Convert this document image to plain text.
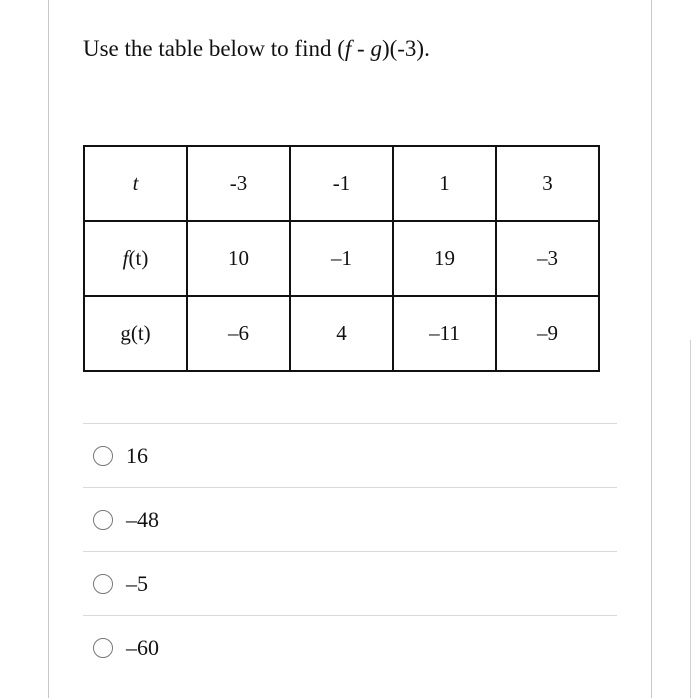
Use the table below to find (f - g)(-3).
t	-3	-1	1	3
f(t)	10	–1	19	–3
g(t)	–6	4	–11	–9
16
–48
–5
–60
